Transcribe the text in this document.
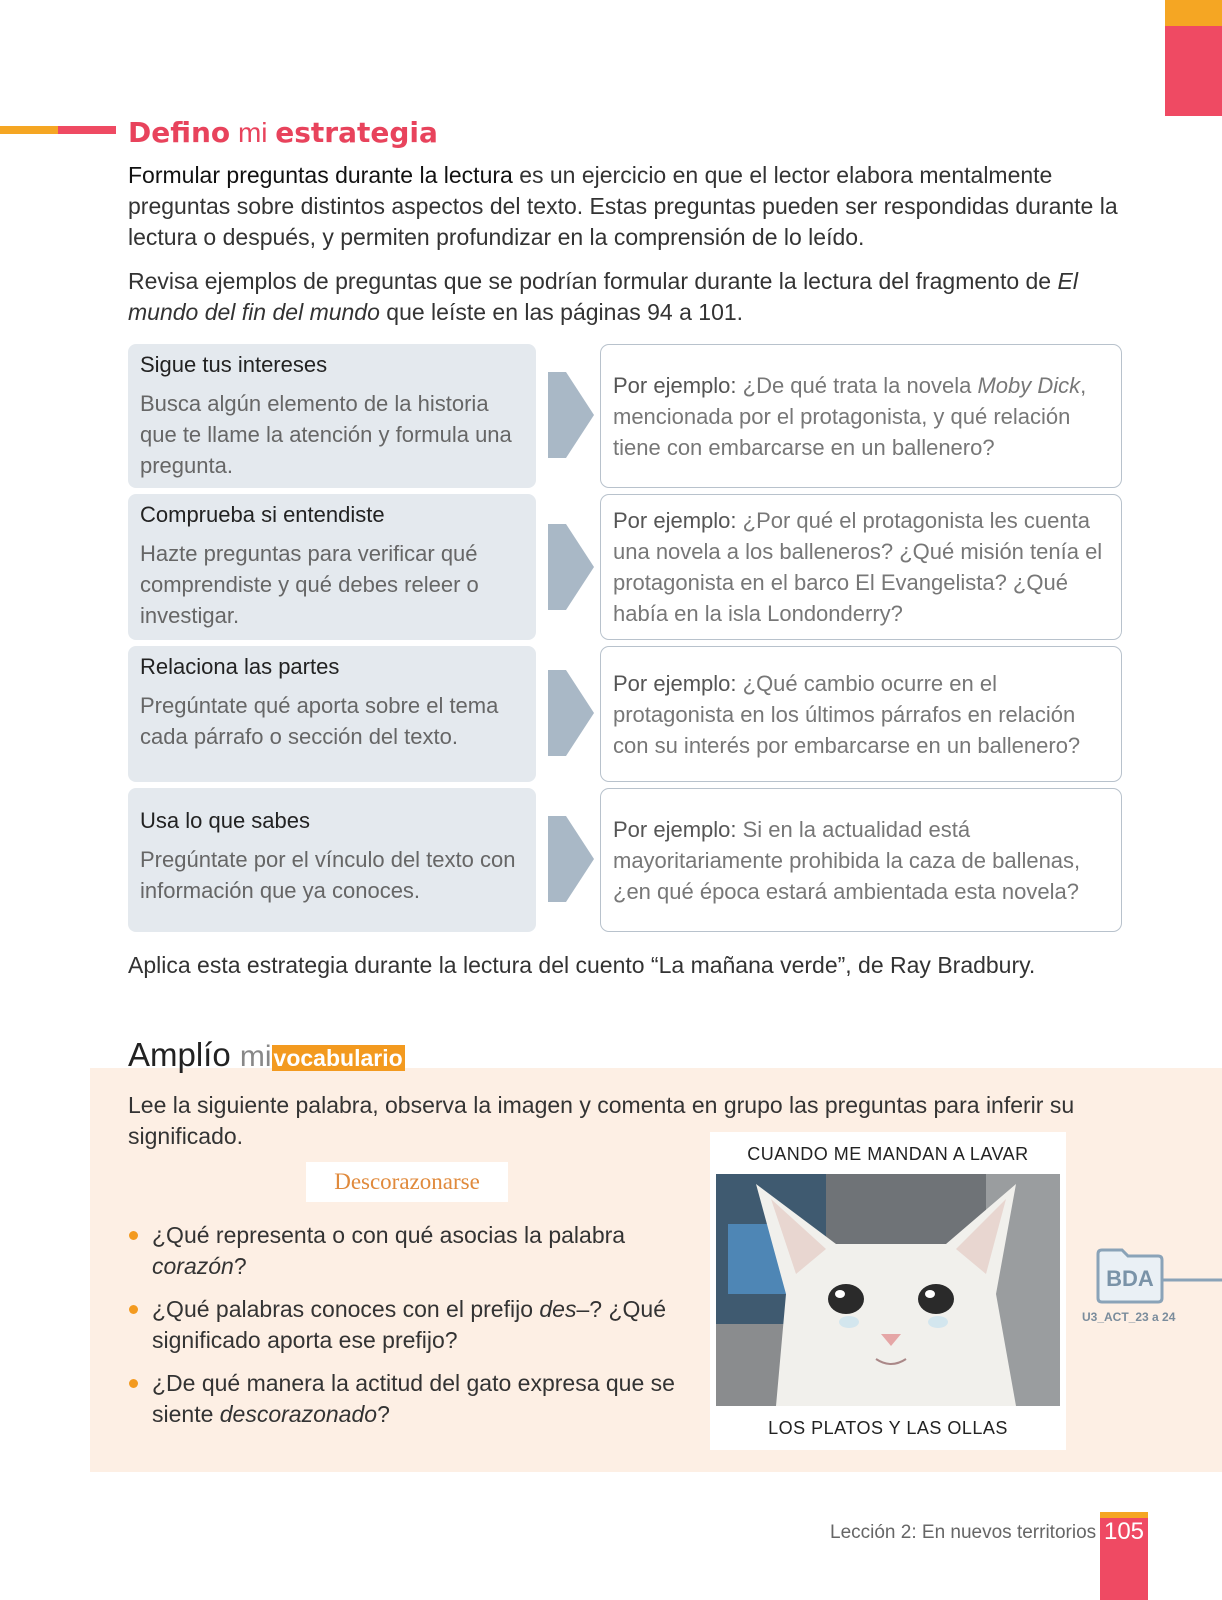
Defino mi estrategia
Formular preguntas durante la lectura es un ejercicio en que el lector elabora mentalmente preguntas sobre distintos aspectos del texto. Estas preguntas pueden ser respondidas durante la lectura o después, y permiten profundizar en la comprensión de lo leído.
Revisa ejemplos de preguntas que se podrían formular durante la lectura del fragmento de El mundo del fin del mundo que leíste en las páginas 94 a 101.
Sigue tus intereses
Busca algún elemento de la historia que te llame la atención y formula una pregunta.
Por ejemplo: ¿De qué trata la novela Moby Dick, mencionada por el protagonista, y qué relación tiene con embarcarse en un ballenero?
Comprueba si entendiste
Hazte preguntas para verificar qué comprendiste y qué debes releer o investigar.
Por ejemplo: ¿Por qué el protagonista les cuenta una novela a los balleneros? ¿Qué misión tenía el protagonista en el barco El Evangelista? ¿Qué había en la isla Londonderry?
Relaciona las partes
Pregúntate qué aporta sobre el tema cada párrafo o sección del texto.
Por ejemplo: ¿Qué cambio ocurre en el protagonista en los últimos párrafos en relación con su interés por embarcarse en un ballenero?
Usa lo que sabes
Pregúntate por el vínculo del texto con información que ya conoces.
Por ejemplo: Si en la actualidad está mayoritariamente prohibida la caza de ballenas, ¿en qué época estará ambientada esta novela?
Aplica esta estrategia durante la lectura del cuento “La mañana verde”, de Ray Bradbury.
Amplío mivocabulario
Lee la siguiente palabra, observa la imagen y comenta en grupo las preguntas para inferir su significado.
Descorazonarse
¿Qué representa o con qué asocias la palabra corazón?
¿Qué palabras conoces con el prefijo des–? ¿Qué significado aporta ese prefijo?
¿De qué manera la actitud del gato expresa que se siente descorazonado?
CUANDO ME MANDAN A LAVAR
LOS PLATOS Y LAS OLLAS
BDA
U3_ACT_23 a 24
Lección 2: En nuevos territorios 105
